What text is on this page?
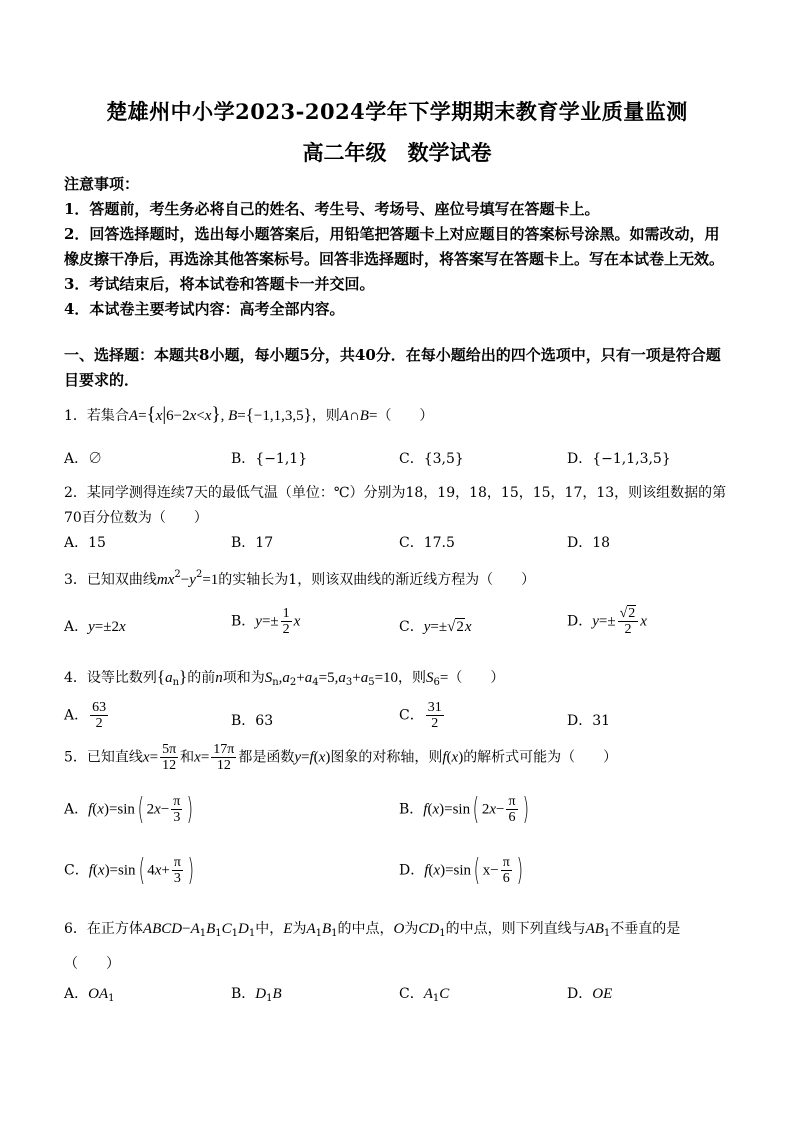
楚雄州中小学2023-2024学年下学期期末教育学业质量监测
高二年级　数学试卷
注意事项：
1．答题前，考生务必将自己的姓名、考生号、考场号、座位号填写在答题卡上。
2．回答选择题时，选出每小题答案后，用铅笔把答题卡上对应题目的答案标号涂黑。如需改动，用橡皮擦干净后，再选涂其他答案标号。回答非选择题时，将答案写在答题卡上。写在本试卷上无效。
3．考试结束后，将本试卷和答题卡一并交回。
4．本试卷主要考试内容：高考全部内容。
一、选择题：本题共8小题，每小题5分，共40分．在每小题给出的四个选项中，只有一项是符合题目要求的．
1．若集合A={x|6−2x<x}, B={−1,1,3,5}，则A∩B=（　　）
A．∅	B．{−1,1}	C．{3,5}	D．{−1,1,3,5}
2．某同学测得连续7天的最低气温（单位：℃）分别为18，19，18，15，15，17，13，则该组数据的第70百分位数为（　　）
A．15	B．17	C．17.5	D．18
3．已知双曲线$mx^2-y^2=1$的实轴长为1，则该双曲线的渐近线方程为（　　）
A．y=±2x	B．$y=\pm \frac{1}{2}$ x	C．y=±√2x	D．$y=\pm \frac{√2}{2}$ x
4．设等比数列$\{a_n\}$的前n项和为$S_n,a_2+a_4=5,a_3+a_5=10$，则$S_6=$（　　）
A． $\frac{63}{2}$	B．63	C． $\frac{31}{2}$	D．31
5．已知直线$x= \frac{5\pi}{12}$ 和$x= \frac{17\pi}{12}$ 都是函数y=f(x)图象的对称轴，则f(x)的解析式可能为（　　）
A．f(x)=sin( $2x- \frac{\pi}{3}$ )	B．f(x)=sin( $2x- \frac{\pi}{6}$ )
C．f(x)=sin( $4x+ \frac{\pi}{3}$ )	D．f(x)=sin( $x- \frac{\pi}{6}$ )
6．在正方体$ABCD-A_1B_1C_1D_1$中，E为$A_1B_1$的中点，O为$CD_1$的中点，则下列直线与$AB_1$不垂直的是
（　　）
A．$OA_1$	B．$D_1B$	C．$A_1C$	D．OE
